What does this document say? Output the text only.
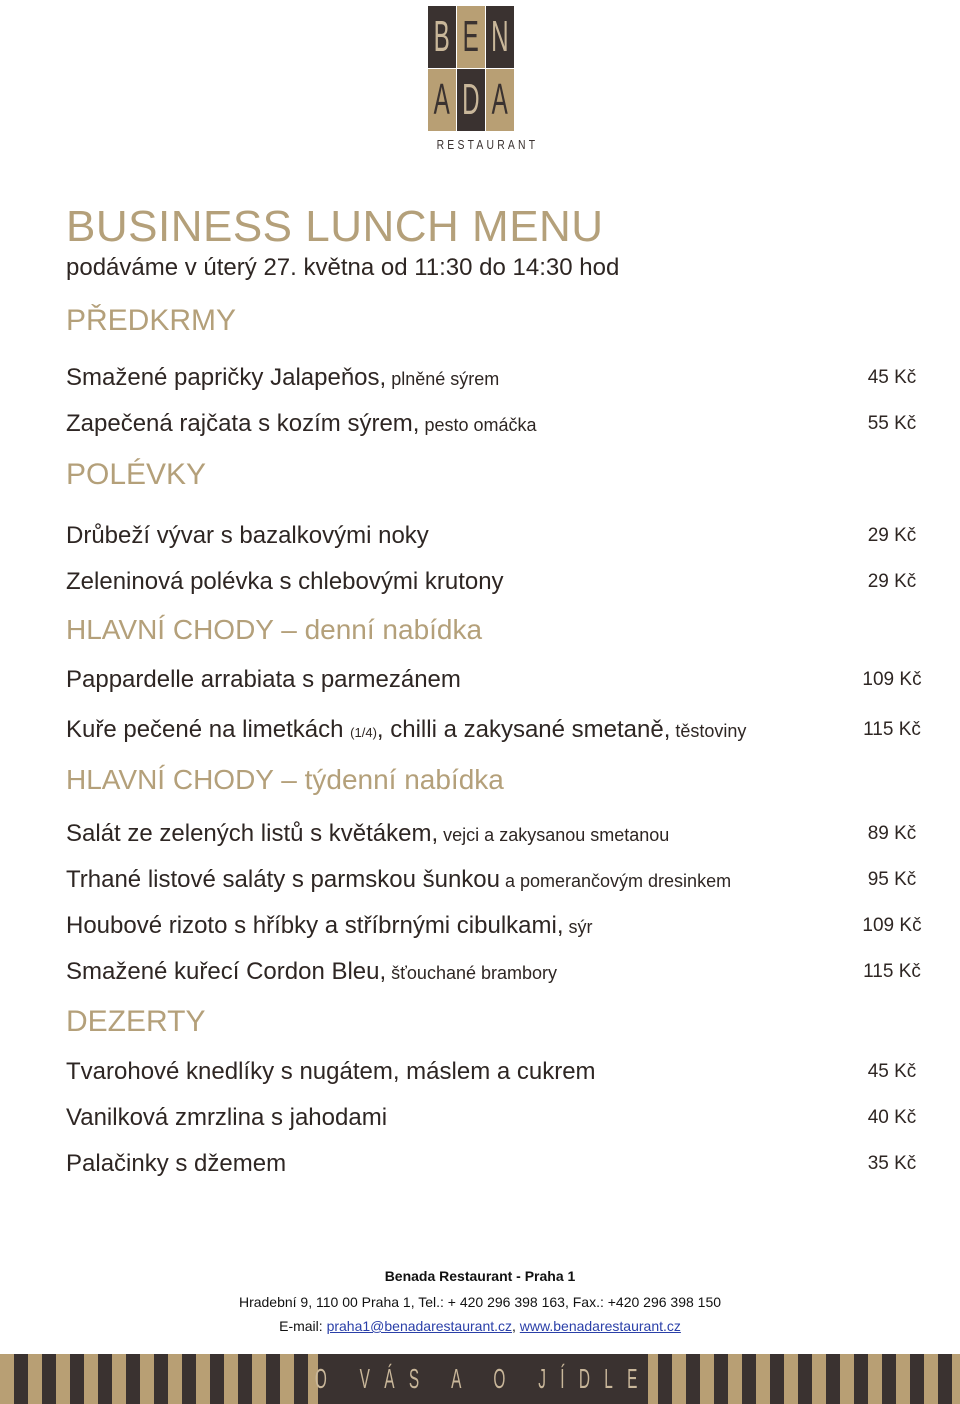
B E N
A D A
RESTAURANT
BUSINESS LUNCH MENU
podáváme v úterý 27. května od 11:30 do 14:30 hod
PŘEDKRMY
Smažené papričky Jalapeňos, plněné sýrem	45 Kč
Zapečená rajčata s kozím sýrem, pesto omáčka	55 Kč
POLÉVKY
Drůbeží vývar s bazalkovými noky	29 Kč
Zeleninová polévka s chlebovými krutony	29 Kč
HLAVNÍ CHODY – denní nabídka
Pappardelle arrabiata s parmezánem	109 Kč
Kuře pečené na limetkách (1/4), chilli a zakysané smetaně, těstoviny	115 Kč
HLAVNÍ CHODY – týdenní nabídka
Salát ze zelených listů s květákem, vejci a zakysanou smetanou	89 Kč
Trhané listové saláty s parmskou šunkou a pomerančovým dresinkem	95 Kč
Houbové rizoto s hříbky a stříbrnými cibulkami, sýr	109 Kč
Smažené kuřecí Cordon Bleu, šťouchané brambory	115 Kč
DEZERTY
Tvarohové knedlíky s nugátem, máslem a cukrem	45 Kč
Vanilková zmrzlina s jahodami	40 Kč
Palačinky s džemem	35 Kč
Benada Restaurant - Praha 1
Hradební 9, 110 00 Praha 1, Tel.: + 420 296 398 163, Fax.: +420 296 398 150
E-mail: praha1@benadarestaurant.cz, www.benadarestaurant.cz
O VÁS A O JÍDLE
